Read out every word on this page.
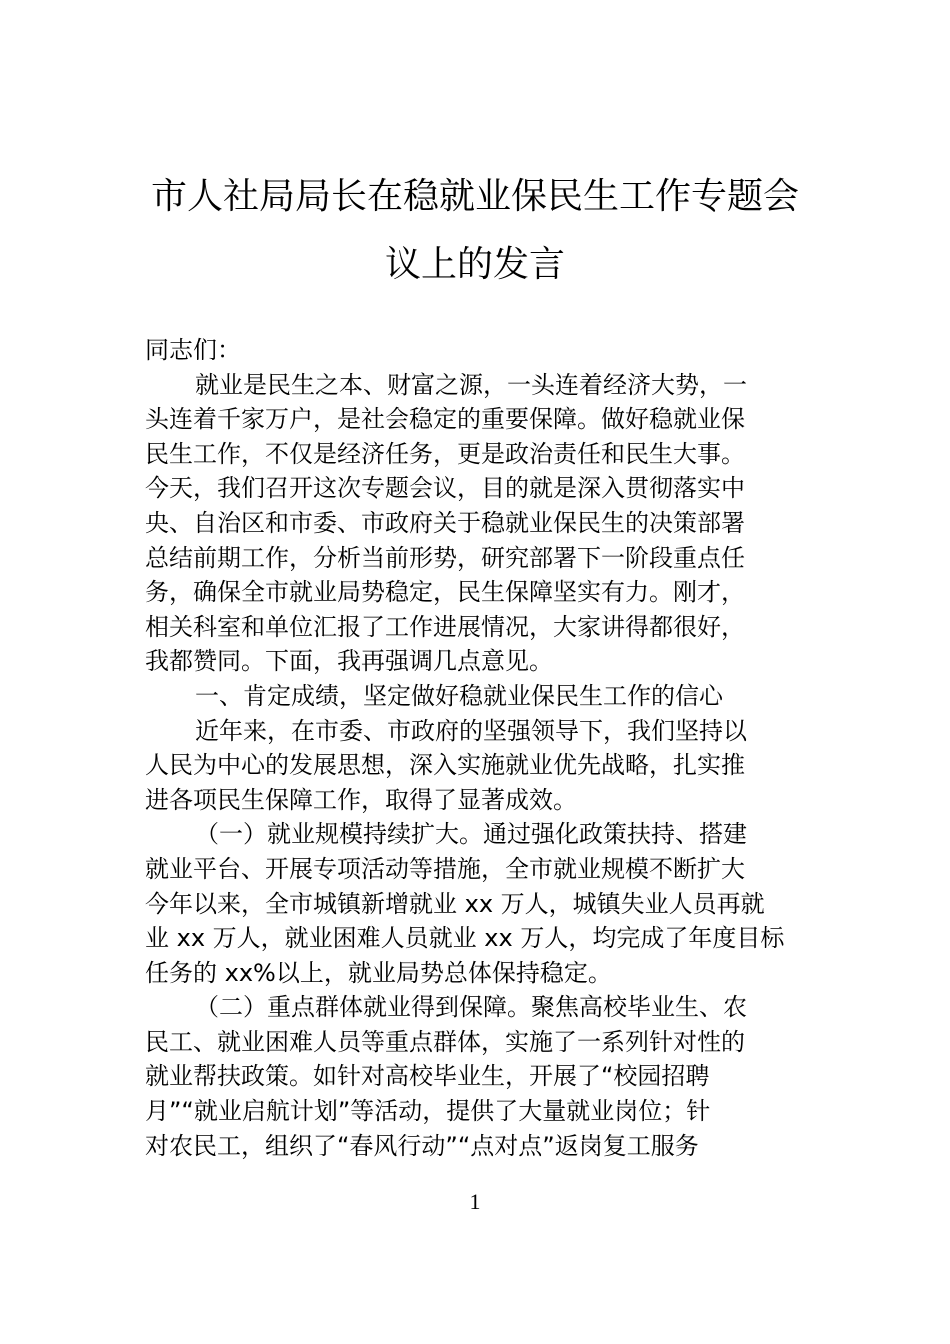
市人社局局长在稳就业保民生工作专题会
议上的发言
同志们：
就业是民生之本、财富之源，一头连着经济大势，一
头连着千家万户，是社会稳定的重要保障。做好稳就业保
民生工作，不仅是经济任务，更是政治责任和民生大事。
今天，我们召开这次专题会议，目的就是深入贯彻落实中
央、自治区和市委、市政府关于稳就业保民生的决策部署
总结前期工作，分析当前形势，研究部署下一阶段重点任
务，确保全市就业局势稳定，民生保障坚实有力。刚才，
相关科室和单位汇报了工作进展情况，大家讲得都很好，
我都赞同。下面，我再强调几点意见。
一、肯定成绩，坚定做好稳就业保民生工作的信心
近年来，在市委、市政府的坚强领导下，我们坚持以
人民为中心的发展思想，深入实施就业优先战略，扎实推
进各项民生保障工作，取得了显著成效。
（一）就业规模持续扩大。通过强化政策扶持、搭建
就业平台、开展专项活动等措施，全市就业规模不断扩大
今年以来，全市城镇新增就业 xx 万人，城镇失业人员再就
业 xx 万人，就业困难人员就业 xx 万人，均完成了年度目标
任务的 xx%以上，就业局势总体保持稳定。
（二）重点群体就业得到保障。聚焦高校毕业生、农
民工、就业困难人员等重点群体，实施了一系列针对性的
就业帮扶政策。如针对高校毕业生，开展了“校园招聘
月”“就业启航计划”等活动，提供了大量就业岗位；针
对农民工，组织了“春风行动”“点对点”返岗复工服务
1
